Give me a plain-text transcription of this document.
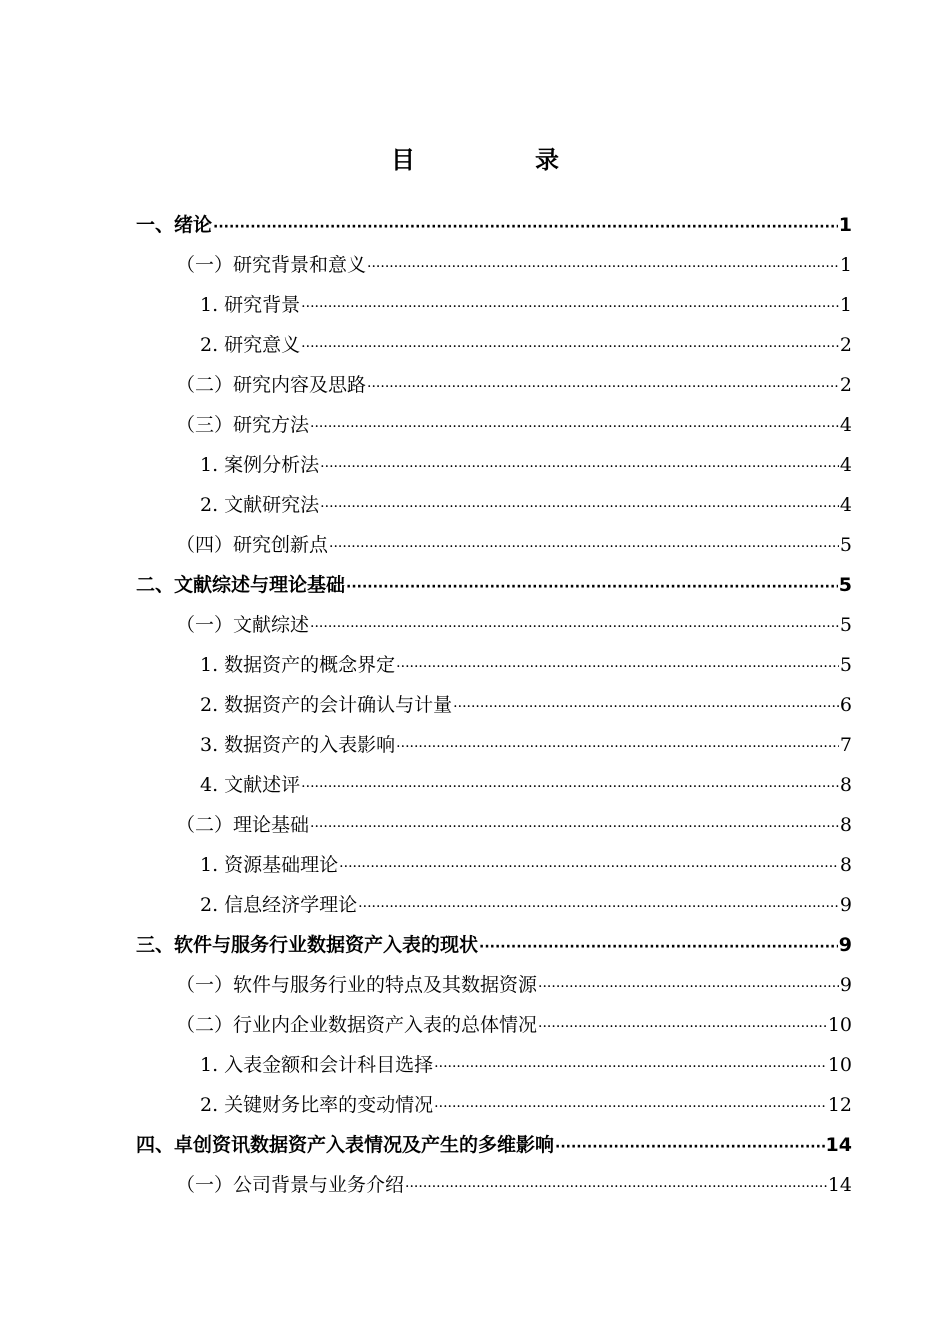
目　录
一、绪论 ·····	1
（一）研究背景和意义 ·····	1
1. 研究背景 ·····	1
2. 研究意义 ·····	2
（二）研究内容及思路 ·····	2
（三）研究方法 ·····	4
1. 案例分析法 ·····	4
2. 文献研究法 ·····	4
（四）研究创新点 ·····	5
二、文献综述与理论基础 ·····	5
（一）文献综述 ·····	5
1. 数据资产的概念界定 ·····	5
2. 数据资产的会计确认与计量 ·····	6
3. 数据资产的入表影响 ·····	7
4. 文献述评 ·····	8
（二）理论基础 ·····	8
1. 资源基础理论 ·····	8
2. 信息经济学理论 ·····	9
三、软件与服务行业数据资产入表的现状 ·····	9
（一）软件与服务行业的特点及其数据资源 ·····	9
（二）行业内企业数据资产入表的总体情况 ·····	10
1. 入表金额和会计科目选择 ·····	10
2. 关键财务比率的变动情况 ·····	12
四、卓创资讯数据资产入表情况及产生的多维影响 ·····	14
（一）公司背景与业务介绍 ·····	14
